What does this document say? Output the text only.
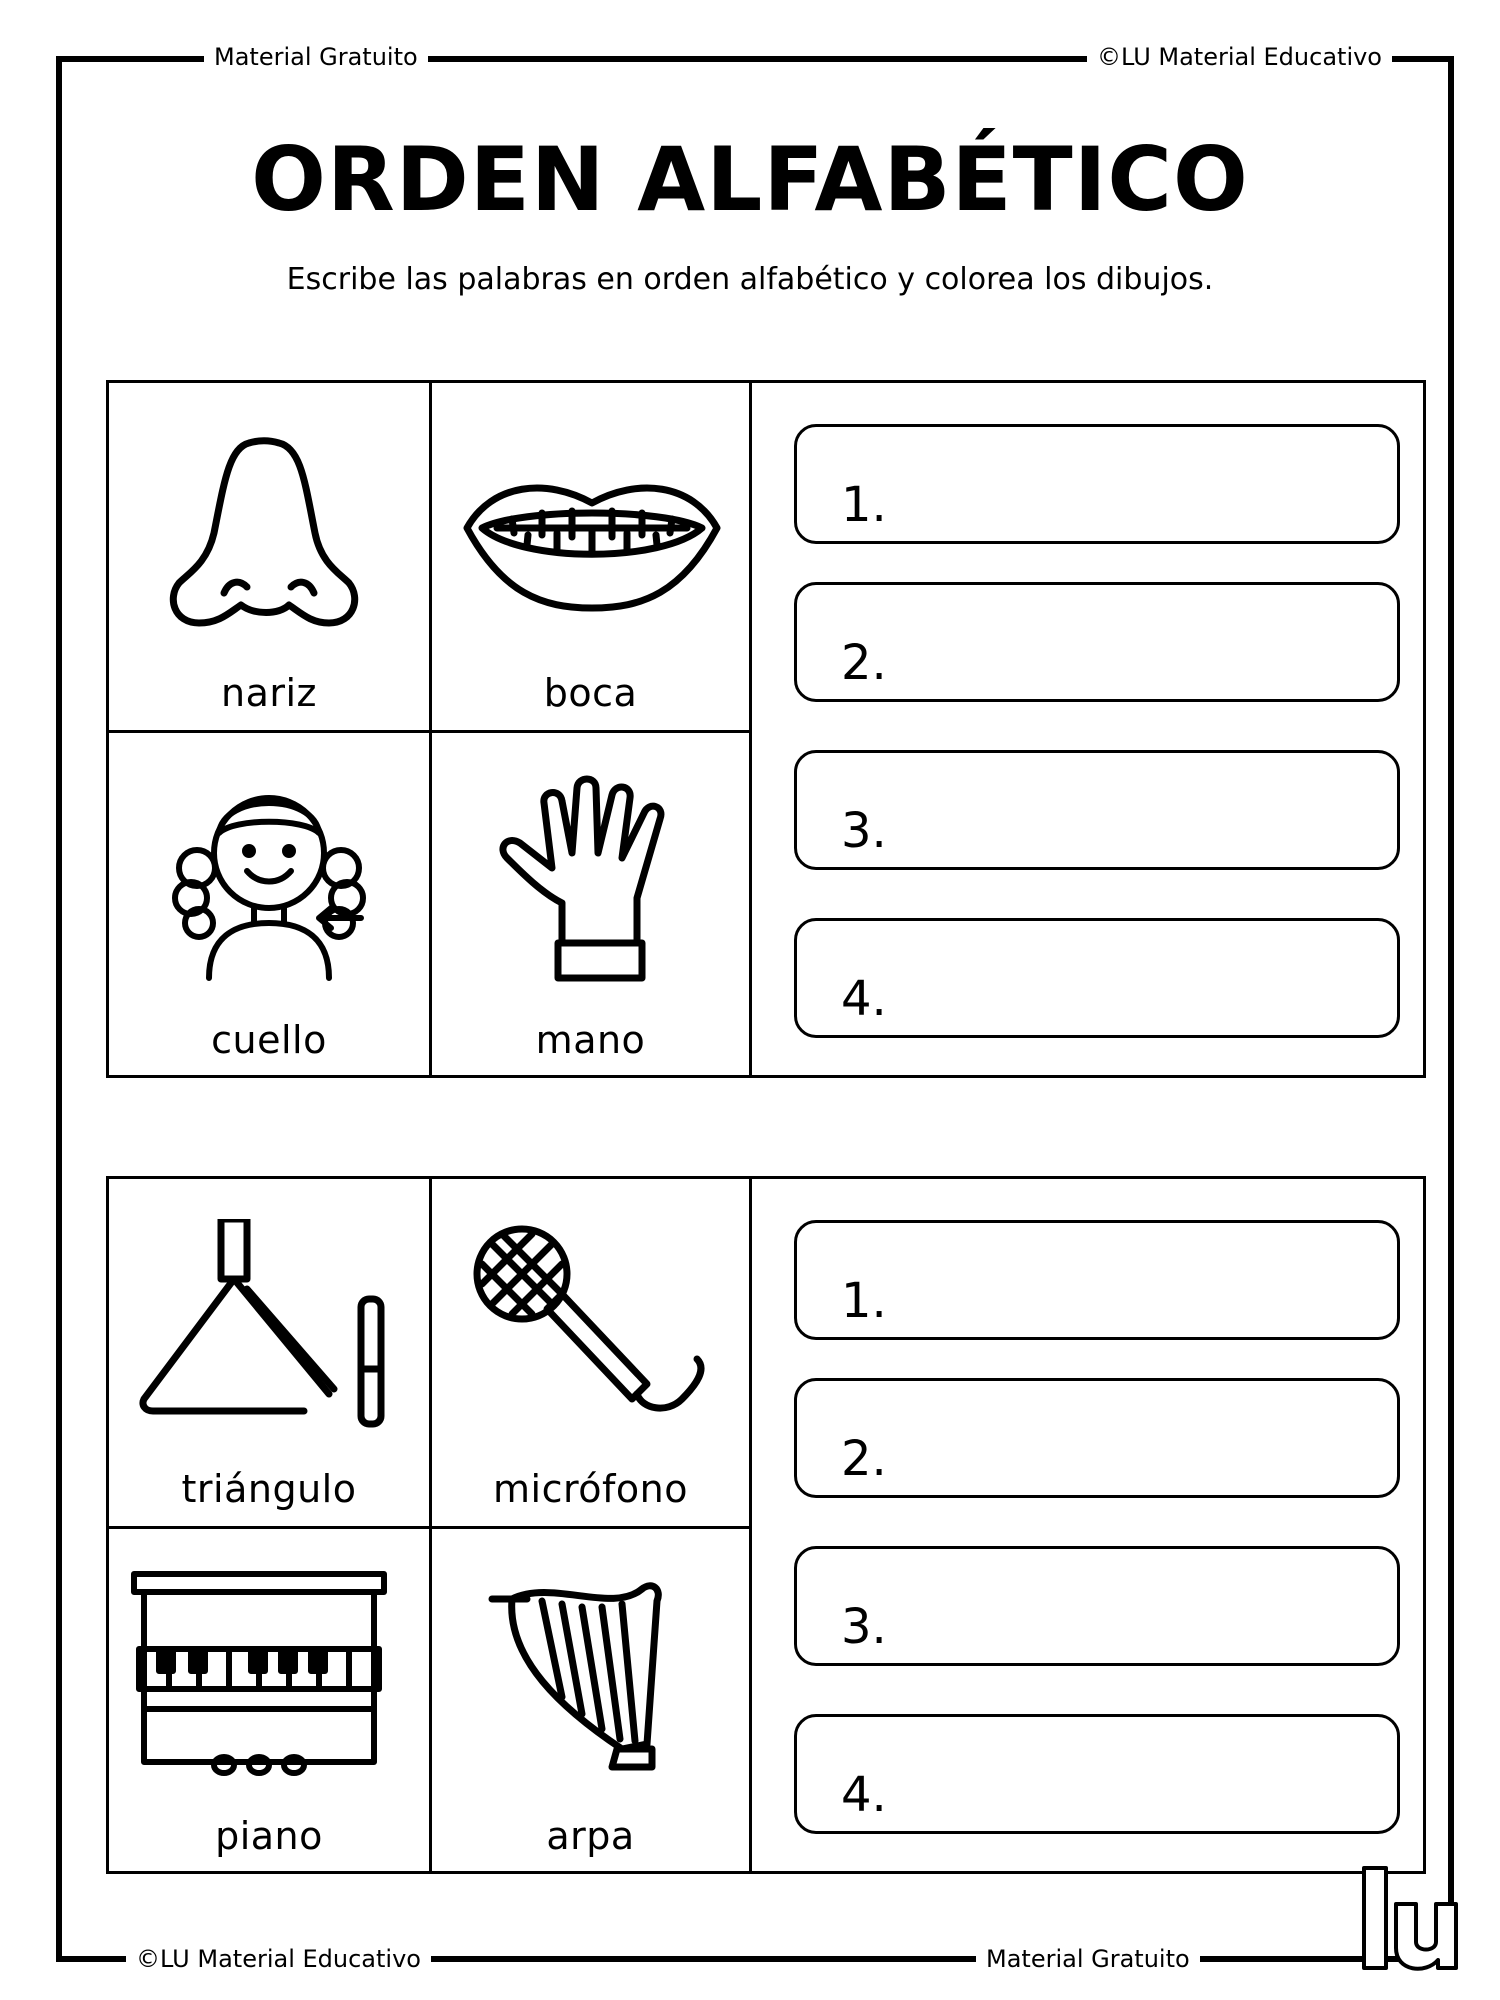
Material Gratuito	©LU Material Educativo
©LU Material Educativo	Material Gratuito
ORDEN ALFABÉTICO
Escribe las palabras en orden alfabético y colorea los dibujos.
nariz	boca
cuello	mano
1.
2.
3.
4.
triángulo	micrófono
piano	arpa
1.
2.
3.
4.
